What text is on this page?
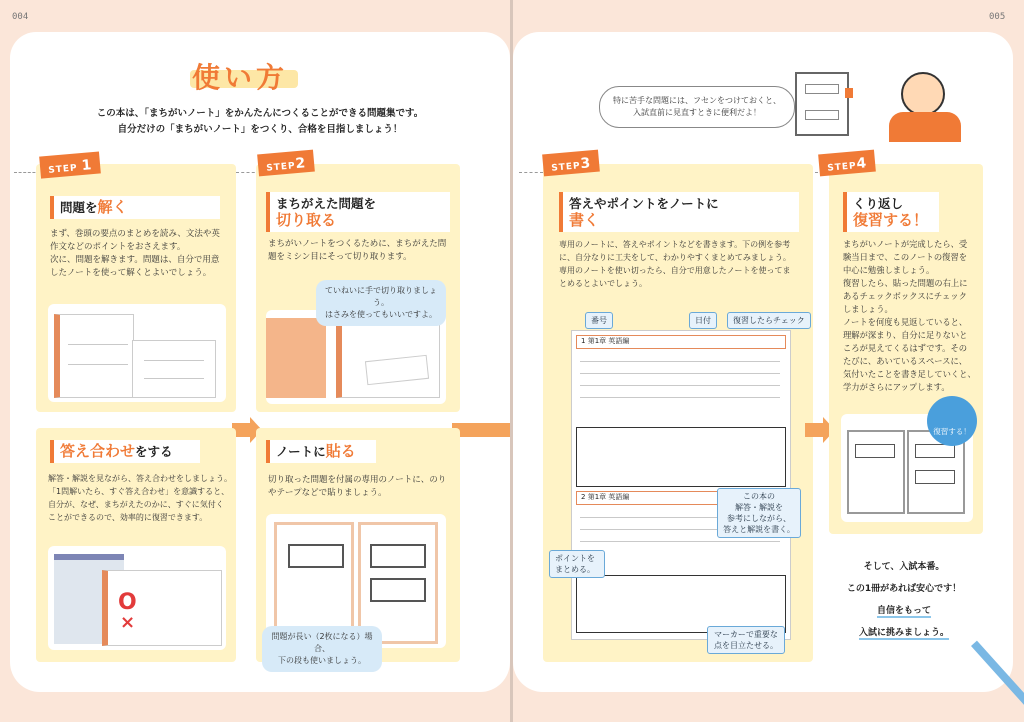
004
使い方
この本は、「まちがいノート」をかんたんにつくることができる問題集です。
自分だけの「まちがいノート」をつくり、合格を目指しましょう！
STEP 1
問題を解く
まず、巻頭の要点のまとめを読み、文法や英
作文などのポイントをおさえます。
次に、問題を解きます。問題は、自分で用意
したノートを使って解くとよいでしょう。
STEP2
まちがえた問題を
切り取る
まちがいノートをつくるために、まちがえた問
題をミシン目にそって切り取ります。
ていねいに手で切り取りましょう。
はさみを使ってもいいですよ。
答え合わせをする
解答・解説を見ながら、答え合わせをしましょう。
「1問解いたら、すぐ答え合わせ」を意識すると、
自分が、なぜ、まちがえたのかに、すぐに気付く
ことができるので、効率的に復習できます。
O
×
ノートに貼る
切り取った問題を付属の専用のノートに、のり
やテープなどで貼りましょう。
問題が長い（2枚になる）場合、
下の段も使いましょう。
005
特に苦手な問題には、フセンをつけておくと、
入試直前に見直すときに便利だよ！
STEP3
答えやポイントをノートに
書く
専用のノートに、答えやポイントなどを書きます。下の例を参考
に、自分なりに工夫をして、わかりやすくまとめてみましょう。
専用のノートを使い切ったら、自分で用意したノートを使ってま
とめるとよいでしょう。
1 第1章 英語編
2 第1章 英語編
番号	日付	復習したらチェック
ポイントを
まとめる。
この本の
解答・解説を
参考にしながら、
答えと解説を書く。
マーカーで重要な
点を目立たせる。
STEP4
くり返し
復習する！
まちがいノートが完成したら、受
験当日まで、このノートの復習を
中心に勉強しましょう。
復習したら、貼った問題の右上に
あるチェックボックスにチェック
しましょう。
ノートを何度も見返していると、
理解が深まり、自分に足りないと
ころが見えてくるはずです。その
たびに、あいているスペースに、
気付いたことを書き足していくと、
学力がさらにアップします。
復習する！
そして、入試本番。
この1冊があれば安心です！
自信をもって
入試に挑みましょう。
